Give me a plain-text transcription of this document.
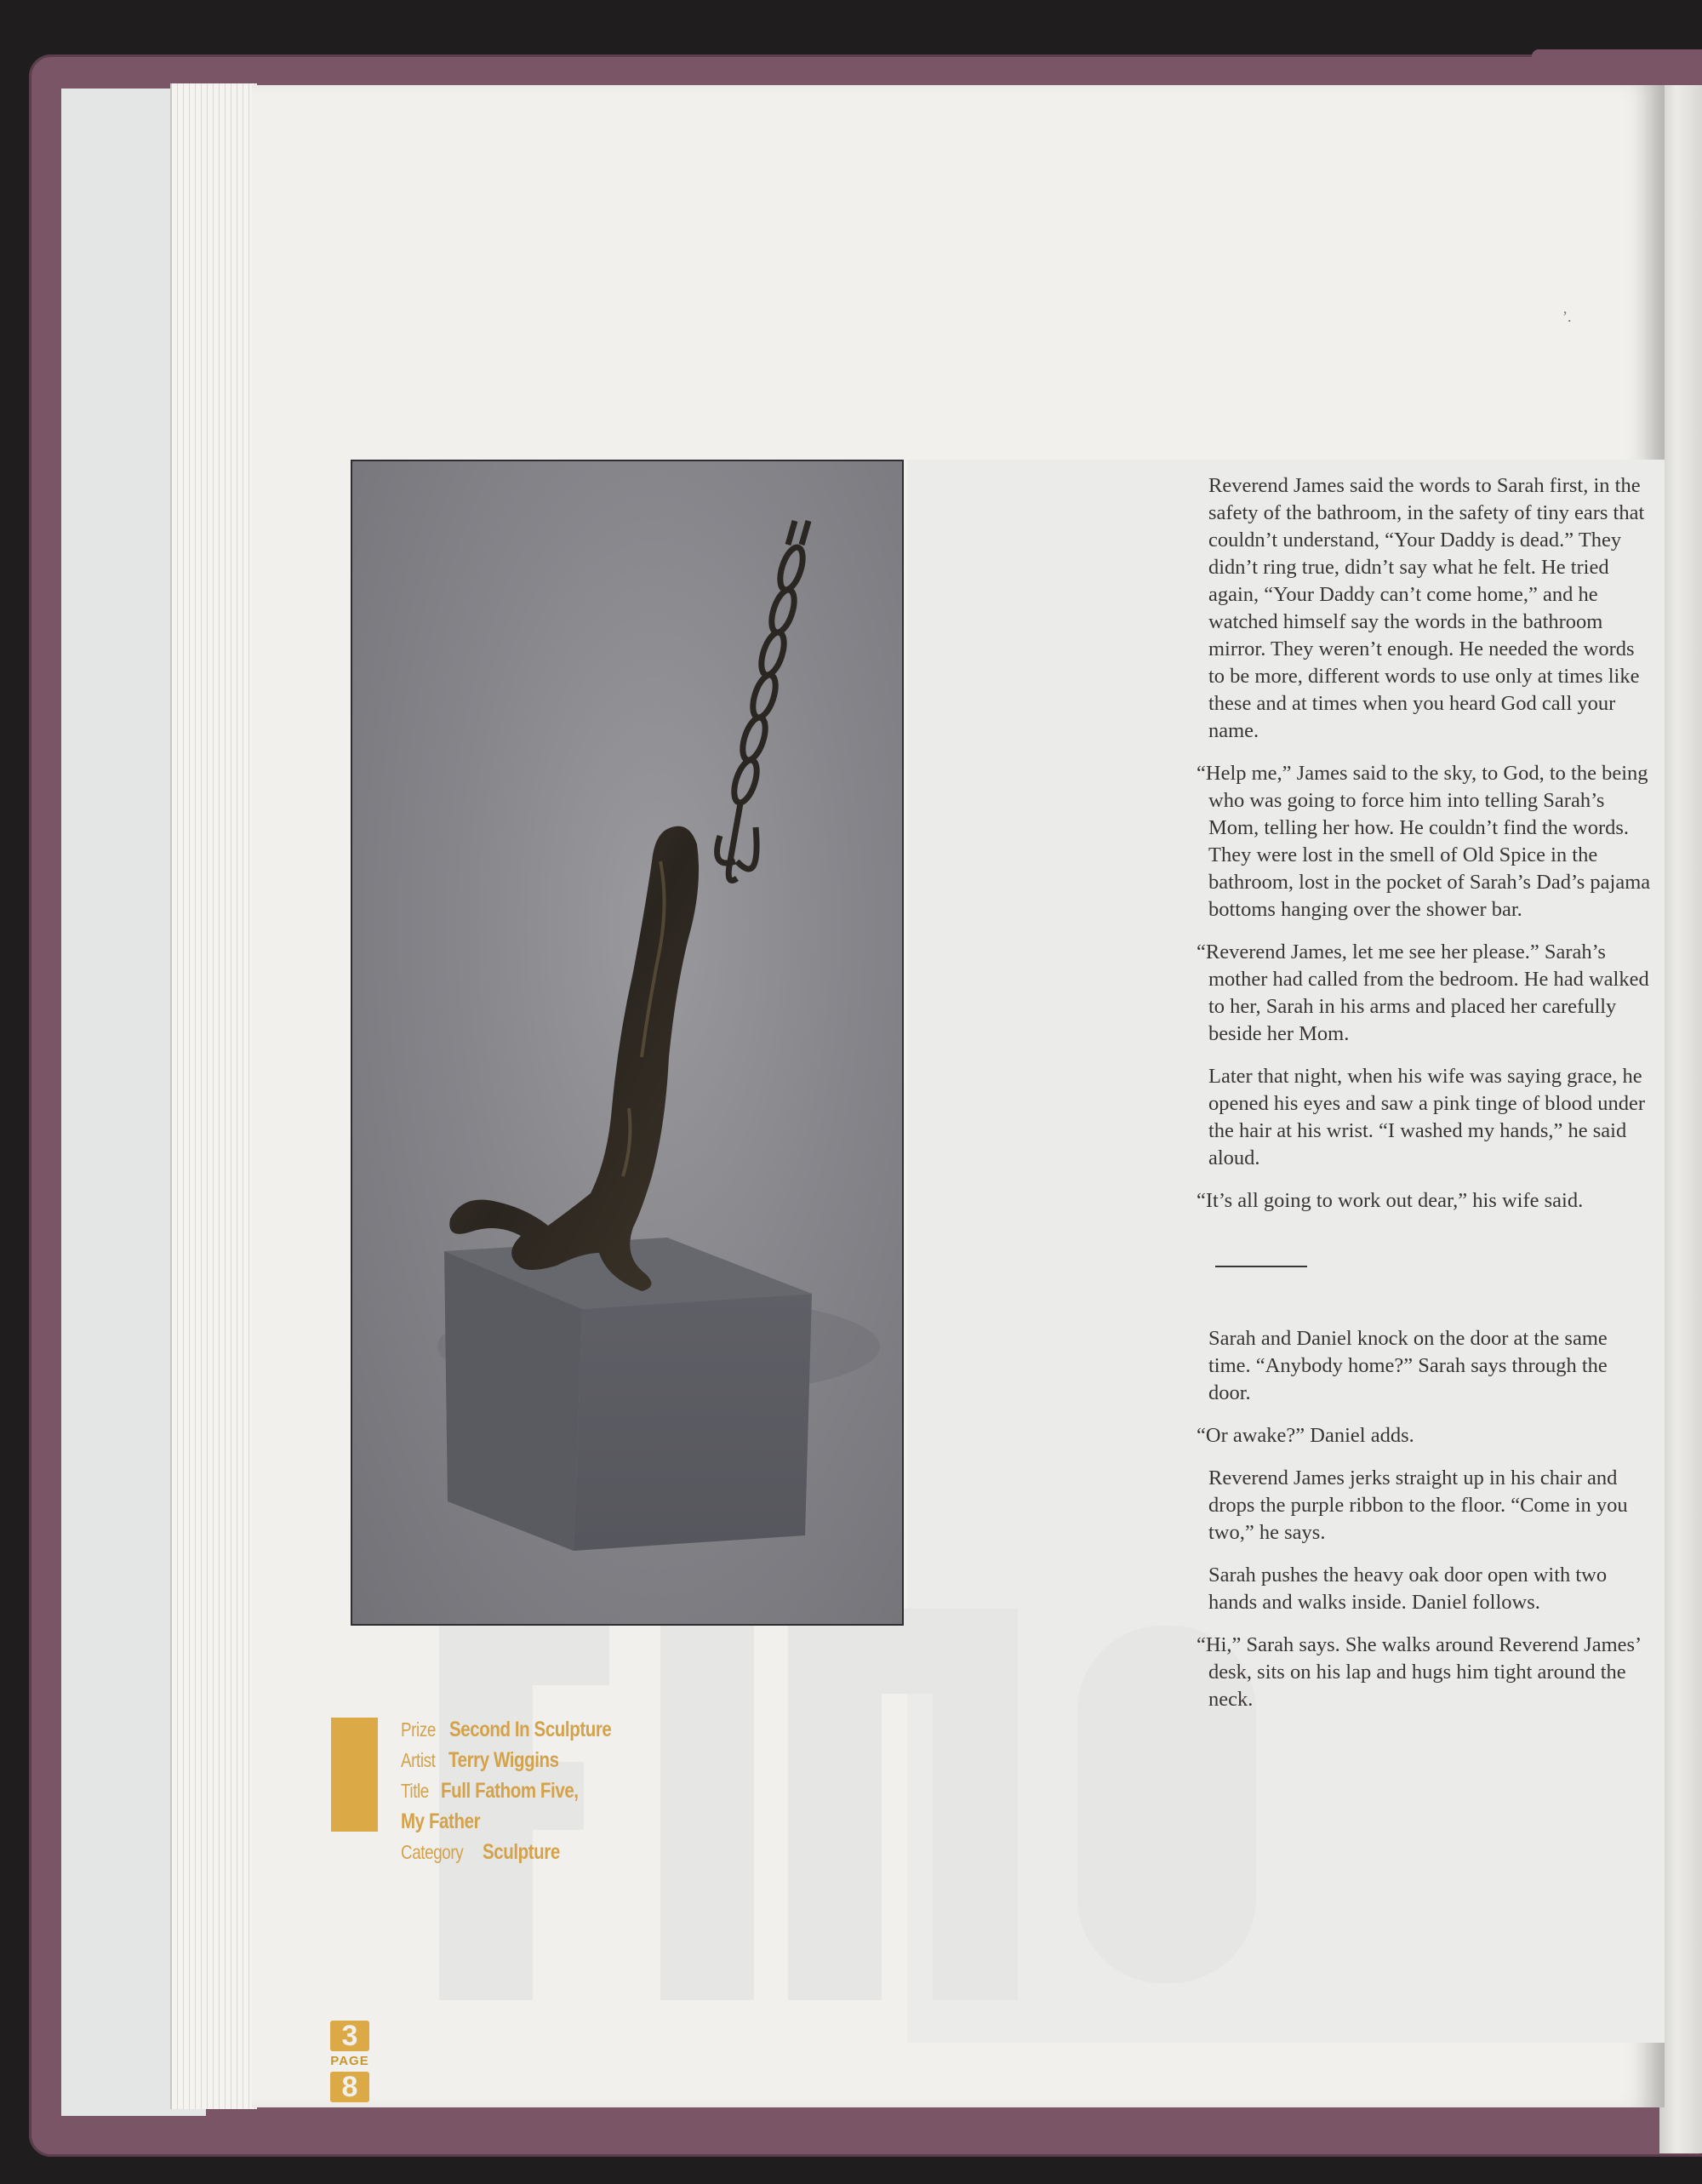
ʼ.
Prize Second In Sculpture
Artist Terry Wiggins
Title Full Fathom Five,
My Father
Category Sculpture
3
PAGE
8

Reverend James said the words to Sarah first, in the safety of the bathroom, in the safety of tiny ears that couldn’t understand, “Your Daddy is dead.” They didn’t ring true, didn’t say what he felt. He tried again, “Your Daddy can’t come home,” and he watched himself say the words in the bathroom mirror. They weren’t enough. He needed the words to be more, different words to use only at times like these and at times when you heard God call your name.

“Help me,” James said to the sky, to God, to the being who was going to force him into telling Sarah’s Mom, telling her how. He couldn’t find the words. They were lost in the smell of Old Spice in the bathroom, lost in the pocket of Sarah’s Dad’s pajama bottoms hanging over the shower bar.

“Reverend James, let me see her please.” Sarah’s mother had called from the bedroom. He had walked to her, Sarah in his arms and placed her carefully beside her Mom.

Later that night, when his wife was saying grace, he opened his eyes and saw a pink tinge of blood under the hair at his wrist. “I washed my hands,” he said aloud.

“It’s all going to work out dear,” his wife said.

Sarah and Daniel knock on the door at the same time. “Anybody home?” Sarah says through the door.

“Or awake?” Daniel adds.

Reverend James jerks straight up in his chair and drops the purple ribbon to the floor. “Come in you two,” he says.

Sarah pushes the heavy oak door open with two hands and walks inside. Daniel follows.

“Hi,” Sarah says. She walks around Reverend James’ desk, sits on his lap and hugs him tight around the neck.
